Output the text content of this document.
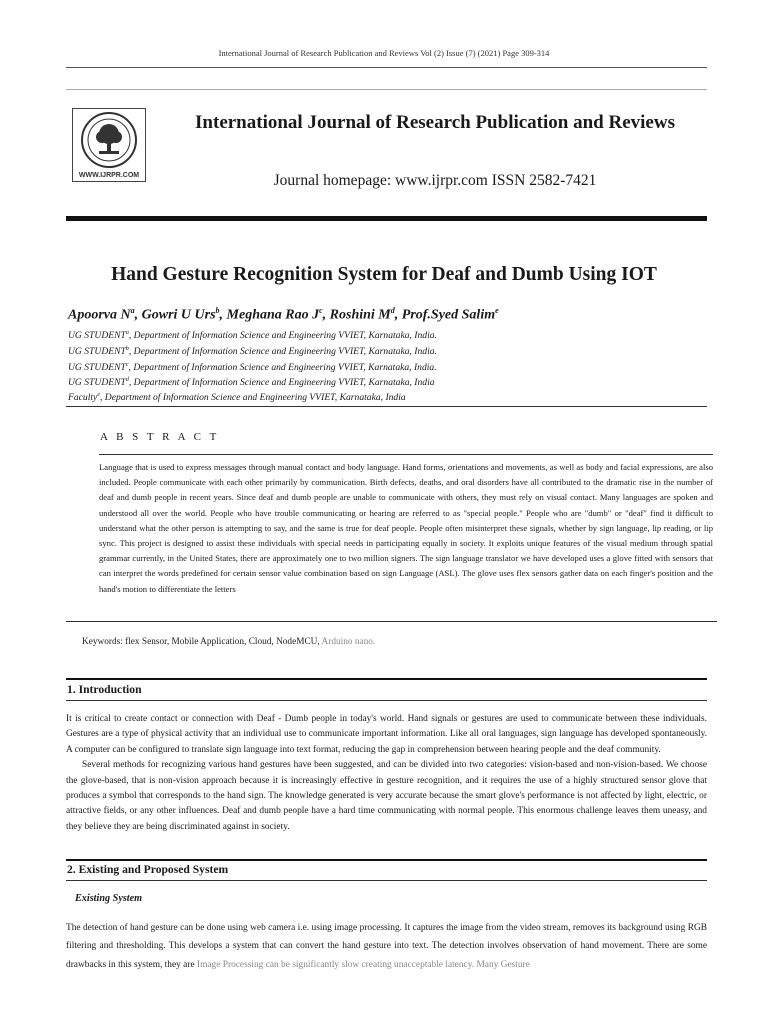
International Journal of Research Publication and Reviews Vol (2) Issue (7) (2021) Page 309-314
WWW.IJRPR.COM
International Journal of Research Publication and Reviews
Journal homepage: www.ijrpr.com ISSN 2582-7421
Hand Gesture Recognition System for Deaf and Dumb Using IOT
Apoorva $N^a$, Gowri U Urs$^b$, Meghana Rao $J^c$, Roshini $M^d$, Prof.Syed Salim$^e$
UG STUDENT$^a$, Department of Information Science and Engineering VVIET, Karnataka, India.
UG STUDENT$^b$, Department of Information Science and Engineering VVIET, Karnataka, India.
UG STUDENT$^c$, Department of Information Science and Engineering VVIET, Karnataka, India.
UG STUDENT$^d$, Department of Information Science and Engineering VVIET, Karnataka, India
Faculty$^e$, Department of Information Science and Engineering VVIET, Karnataka, India
A B S T R A C T
Language that is used to express messages through manual contact and body language. Hand forms, orientations and movements, as well as body and facial expressions, are also included. People communicate with each other primarily by communication. Birth defects, deaths, and oral disorders have all contributed to the dramatic rise in the number of deaf and dumb people in recent years. Since deaf and dumb people are unable to communicate with others, they must rely on visual contact. Many languages are spoken and understood all over the world. People who have trouble communicating or hearing are referred to as "special people." People who are "dumb" or "deaf" find it difficult to understand what the other person is attempting to say, and the same is true for deaf people. People often misinterpret these signals, whether by sign language, lip reading, or lip sync. This project is designed to assist these individuals with special needs in participating equally in society. It exploits unique features of the visual medium through spatial grammar currently, in the United States, there are approximately one to two million signers. The sign language translator we have developed uses a glove fitted with sensors that can interpret the words predefined for certain sensor value combination based on sign Language (ASL). The glove uses flex sensors gather data on each finger's position and the hand's motion to differentiate the letters
Keywords: flex Sensor, Mobile Application, Cloud, NodeMCU, Arduino nano.
1. Introduction

It is critical to create contact or connection with Deaf - Dumb people in today's world. Hand signals or gestures are used to communicate between these individuals. Gestures are a type of physical activity that an individual use to communicate important information. Like all oral languages, sign language has developed spontaneously. A computer can be configured to translate sign language into text format, reducing the gap in comprehension between hearing people and the deaf community.

Several methods for recognizing various hand gestures have been suggested, and can be divided into two categories: vision-based and non-vision-based. We choose the glove-based, that is non-vision approach because it is increasingly effective in gesture recognition, and it requires the use of a highly structured sensor glove that produces a symbol that corresponds to the hand sign. The knowledge generated is very accurate because the smart glove's performance is not affected by light, electric, or attractive fields, or any other influences. Deaf and dumb people have a hard time communicating with normal people. This enormous challenge leaves them uneasy, and they believe they are being discriminated against in society.

2. Existing and Proposed System
Existing System
The detection of hand gesture can be done using web camera i.e. using image processing. It captures the image from the video stream, removes its background using RGB filtering and thresholding. This develops a system that can convert the hand gesture into text. The detection involves observation of hand movement. There are some drawbacks in this system, they are Image Processing can be significantly slow creating unacceptable latency. Many Gesture
